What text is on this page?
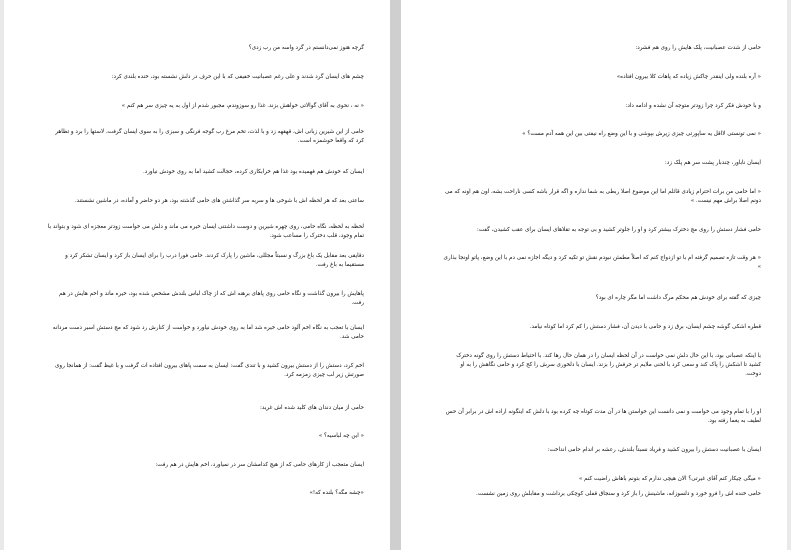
گرچه هنوز نمی‌دانستم در گرد واسه من رب زدی؟

چشم های ایسان گرد شدند و علی رغم عصبانیت خفیفی که با این حرف در دلش نشسته بود، خنده بلندی کرد:

« نه ، نحوی به آقای گوالاتی خواهش بزند. غذا رو سوزوندم، مجبور شدم از اول به یه چیزی سر هم کنم »

حامی از این شیرین زبانی اش، قهقهه زد و با لذت، تخم مرغ رب گوجه فرنگی و سبزی را به سوی ایسان گرفت، لاستها را برد و تظاهر کرد که واقعا خوشمزه است.

ایسان که خودش هم فهمیده بود غذا هم خرابکاری کرده، خجالت کشید اما به روی خودش نیاورد.

ساعتی بعد که هر لحظه اش با شوخی ها و سربه سر گذاشتن های حامی گذشته بود، هر دو حاضر و آماده، در ماشین نشستند.

لحظه به لحظه، نگاه حامی، روی چهره شیرین و دوست داشتنی ایسان خیره می ماند و دلش می خواست زودتر معجزه ای شود و بتواند با تمام وجود، قلب دخترک را مساعب شود.

دقایقی بعد مقابل یک باغ بزرگ و نسبتاً مجللی، ماشین را پارک کردند. حامی فورا درب را برای ایسان باز کرد و ایسان تشکر کرد و مستقیما به باغ رفت.

پاهایش را بیرون گذاشت و نگاه حامی روی پاهای برهنه اش که از چاک لباس بلندش مشخص شده بود، خیره ماند و اخم هایش در هم رفت.

ایسان با تعجب به نگاه اخم آلود حامی خیره شد اما به روی خودش نیاورد و خواست از کنارش رد شود که مچ دستش اسیر دست مردانه حامی شد.

اخم کرد، دستش را از دستش بیرون کشید و با تندی گفت: ایسان به سمت پاهای بیرون افتاده ات گرفت و با غیظ گفت: از همانجا روی صورتش زیر لب چیزی زمزمه کرد.

حامی از میان دندان های کلید شده اش غرید:

« این چه لباسیه؟ »

ایسان متعجب از کارهای حامی که از هیچ کدامشان سر در نمیاورد، اخم هایش در هم رفت:

«چشه مگه؟ بلنده که!»

حامی از شدت عصبانیت، پلک هایش را روی هم فشرد:

« آره بلنده ولی اینقدر چاکش زیاده که پاهات کلا بیرون افتاده»

و با خودش فکر کرد چرا زودتر متوجه آن نشده و ادامه داد:

« نمی تونستی لااقل یه ساپورتی چیزی زیرش بپوشی و با این وضع راه نیفتی بین این همه آدم مست؟ »

ایسان ناباور، چندبار پشت سر هم پلک زد:

« اما حامی من برات احترام زیادی قائلم اما این موضوع اصلا ربطی به شما نداره و اگه قرار باشه کسی ناراحت بشه، اون هم اونه که می دونم اصلا براش مهم نیست. »

حامی فشار دستش را روی مچ دخترک بیشتر کرد و او را جلوتر کشید و بی توجه به تقلاهای ایسان برای عقب کشیدن، گفت:

« هر وقت تازه تصمیم گرفته ام با تو ازدواج کنم که اصلاً مطمئن نبودم نقش تو تکیه کرد و دیگه اجازه نمی دم با این وضع، پاتو اونجا بذاری »

چیزی که گفته برای خودش هم محکم مرگ داشت اما مگر چاره ای بود؟

قطره اشکی گوشه چشم ایسان، برق زد و حامی با دیدن آن، فشار دستش را کم کرد اما کوتاه نیامد.

با اینکه عصبانی بود، با این حال دلش نمی خواست در آن لحظه ایسان را در همان حال رها کند. با احتیاط دستش را روی گونه دخترک کشید تا اشکش را پاک کند و سعی کرد با لحنی ملایم تر حرفش را بزند. ایسان با دلخوری سرش را کج کرد و حامی نگاهش را به او دوخت.

او را با تمام وجود می خواست و نمی دانست این خواستن ها در آن مدت کوتاه چه کرده بود با دلش که اینگونه اراده اش در برابر آن حس لطیف به یغما رفته بود.

ایسان با عصبانیت دستش را بیرون کشید و فریاد نسبتاً بلندش، رعشه بر اندام حامی انداخت:

« میگی چیکار کنم آقای غیرتی؟ الان هیچی ندارم که بتونم باهاش راضیت کنم »

حامی خنده اش را فرو خورد و دلسوزانه، ماشینش را باز کرد و سنجاق قفلی کوچکی برداشت و مقابلش روی زمین نشست.
